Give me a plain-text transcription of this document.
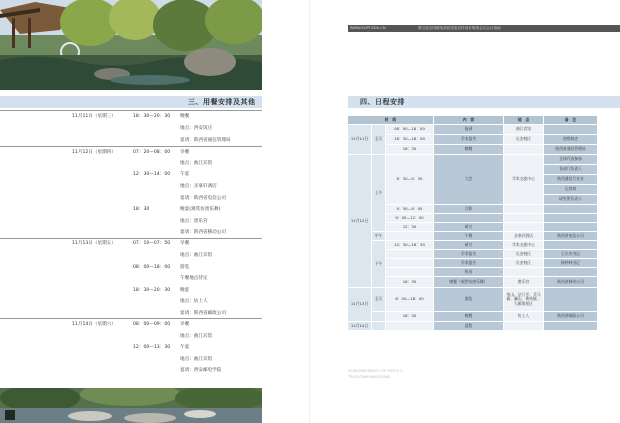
三、用餐安排及其他
11月11日（星期三）	18：30—20：30 晚餐
地点：西安饭庄
宴请：陕西省通信管理局
11月12日（星期四）	07：20—08：00 早餐
地点：曲江宾馆
12：30—14：00 午宴
地点：圣豪轩酒店
宴请：陕西省电信公司
18：30	晚宴(观赏仿唐乐舞)
地点：唐乐宫
宴请：陕西省移动公司
11月13日（星期五）	07：10—07：50 早餐
地点：曲江宾馆
08：00—18：00 游览
午餐地点待定
18：30—20：30 晚宴
地点：坊上人
宴请：陕西省邮政公司
11月14日（星期六）	08：00—09：00 早餐
地点：曲江宾馆
12：00—13：30 午宴
地点：曲江宾馆
宴请：西安邮电学院
WWW.XUPT.EDU.CN	第五届全国邮电高校党委宣传部长联席会议会议指南
四、日程安排
时　间			内　容	地　点	备　注
11月11日	全天	08：00—18：00	报到	曲江宾馆	
		16：30—18：00	学术报告	长安校区	视察校史
		18：30	晚餐		陕西省通信管理局
11月12日	上午	8：30—9：30	大会	学术交流中心	全体代表参加
					各部门负责人
					陕西通信行业各
					运营商
					研究所负责人
		9：30—9：45	合影		
		9：45—12：00			
		12：30	研讨		
	中午		午餐	圣豪轩酒店	陕西省电信公司
	下午	14：30—16：30	研讨	学术交流中心	
			学术报告	长安校区	王宗杰书记
			学术报告	长安校区	杨仲林书记
			机动		
		18：30	晚餐（观赏仿唐乐舞）	唐乐宫	陕西省移动公司
11月13日	全天	8：00—18：00	游览	华山、法门寺、兵马俑、骊山、黄帝陵、大雁塔景区	
		18：30	晚餐	坊上人	陕西省邮政公司
11月14日			返程		
XI'AN UNIVERSITY OF POSTS &
TELECOMMUNICATIONS
